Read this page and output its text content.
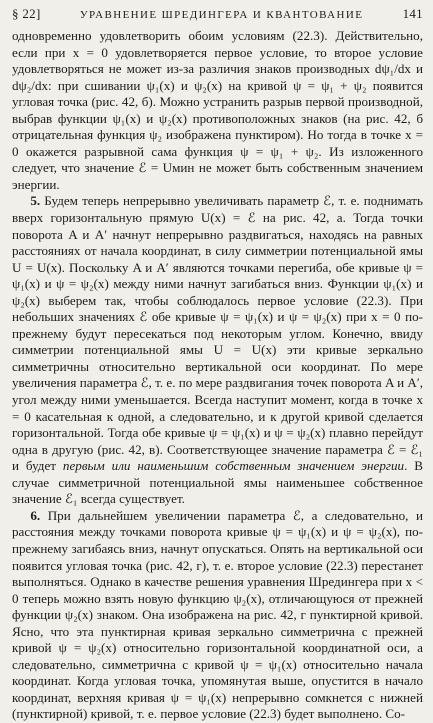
§ 22]	УРАВНЕНИЕ ШРЕДИНГЕРА И КВАНТОВАНИЕ	141

одновременно удовлетворить обоим условиям (22.3). Действительно, если при x = 0 удовлетворяется первое условие, то второе условие удовлетворяться не может из-за различия знаков производных dψ₁/dx и dψ₂/dx: при сшивании ψ₁(x) и ψ₂(x) на кривой ψ = ψ₁ + ψ₂ появится угловая точка (рис. 42, б). Можно устранить разрыв первой производной, выбрав функции ψ₁(x) и ψ₂(x) противоположных знаков (на рис. 42, б отрицательная функция ψ₂ изображена пунктиром). Но тогда в точке x = 0 окажется разрывной сама функция ψ = ψ₁ + ψ₂. Из изложенного следует, что значение ℰ = Uмин не может быть собственным значением энергии.

5. Будем теперь непрерывно увеличивать параметр ℰ, т. е. поднимать вверх горизонтальную прямую U(x) = ℰ на рис. 42, а. Тогда точки поворота A и A′ начнут непрерывно раздвигаться, находясь на равных расстояниях от начала координат, в силу симметрии потенциальной ямы U = U(x). Поскольку A и A′ являются точками перегиба, обе кривые ψ = ψ₁(x) и ψ = ψ₂(x) между ними начнут загибаться вниз. Функции ψ₁(x) и ψ₂(x) выберем так, чтобы соблюдалось первое условие (22.3). При небольших значениях ℰ обе кривые ψ = ψ₁(x) и ψ = ψ₂(x) при x = 0 по-прежнему будут пересекаться под некоторым углом. Конечно, ввиду симметрии потенциальной ямы U = U(x) эти кривые зеркально симметричны относительно вертикальной оси координат. По мере увеличения параметра ℰ, т. е. по мере раздвигания точек поворота A и A′, угол между ними уменьшается. Всегда наступит момент, когда в точке x = 0 касательная к одной, а следовательно, и к другой кривой сделается горизонтальной. Тогда обе кривые ψ = ψ₁(x) и ψ = ψ₂(x) плавно перейдут одна в другую (рис. 42, в). Соответствующее значение параметра ℰ = ℰ₁ и будет первым или наименьшим собственным значением энергии. В случае симметричной потенциальной ямы наименьшее собственное значение ℰ₁ всегда существует.

6. При дальнейшем увеличении параметра ℰ, а следовательно, и расстояния между точками поворота кривые ψ = ψ₁(x) и ψ = ψ₂(x), по-прежнему загибаясь вниз, начнут опускаться. Опять на вертикальной оси появится угловая точка (рис. 42, г), т. е. второе условие (22.3) перестанет выполняться. Однако в качестве решения уравнения Шредингера при x < 0 теперь можно взять новую функцию ψ₂(x), отличающуюся от прежней функции ψ₂(x) знаком. Она изображена на рис. 42, г пунктирной кривой. Ясно, что эта пунктирная кривая зеркально симметрична с прежней кривой ψ = ψ₂(x) относительно горизонтальной координатной оси, а следовательно, симметрична с кривой ψ = ψ₁(x) относительно начала координат. Когда угловая точка, упомянутая выше, опустится в начало координат, верхняя кривая ψ = ψ₁(x) непрерывно сомкнется с нижней (пунктирной) кривой, т. е. первое условие (22.3) будет выполнено. Со-
